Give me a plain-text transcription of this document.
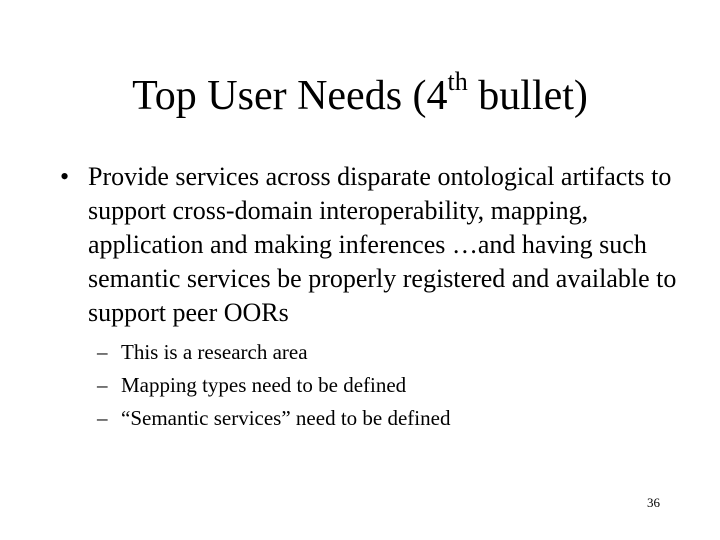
Top User Needs (4th bullet)
• Provide services across disparate ontological artifacts to support cross-domain interoperability, mapping, application and making inferences …and having such semantic services be properly registered and available to support peer OORs
– This is a research area
– Mapping types need to be defined
– “Semantic services” need to be defined
36
